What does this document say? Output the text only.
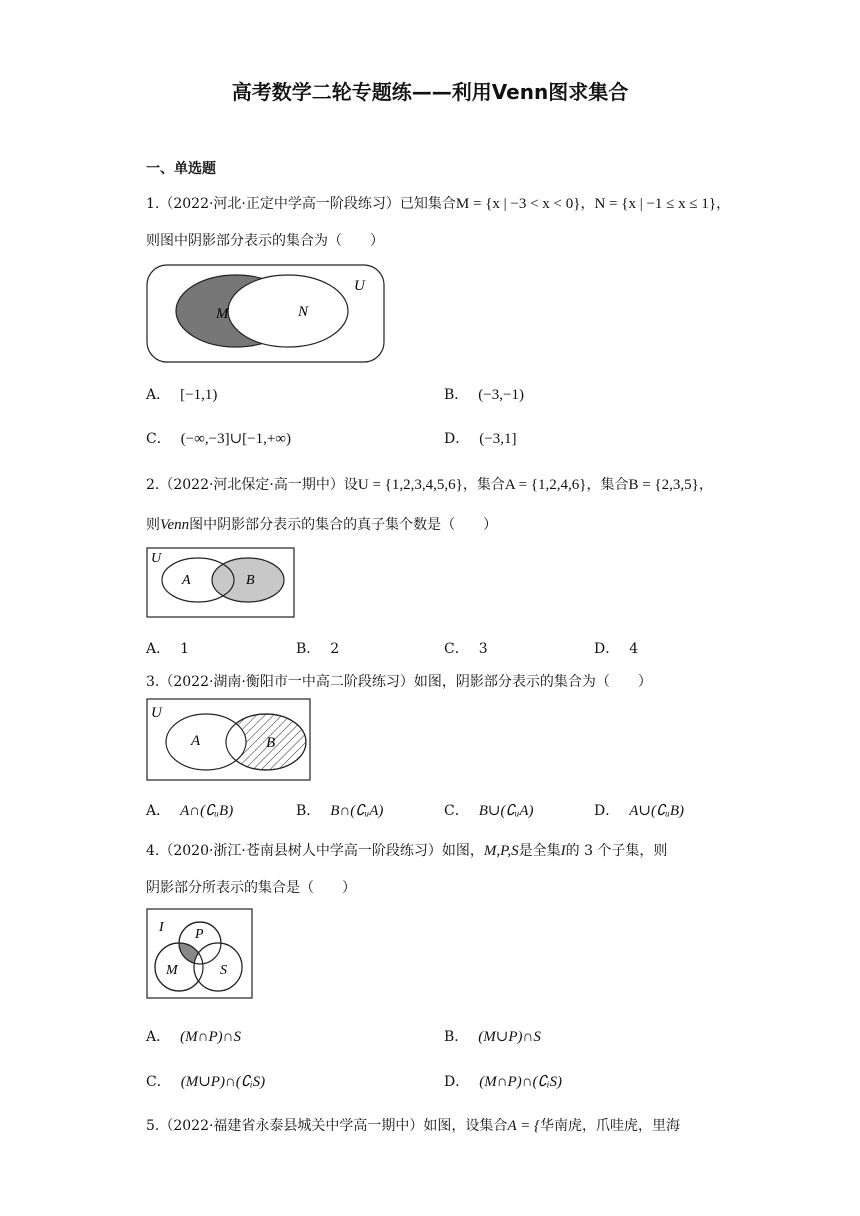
高考数学二轮专题练——利用Venn图求集合
一、单选题
1.（2022·河北·正定中学高一阶段练习）已知集合M = {x | −3 < x < 0}，N = {x | −1 ≤ x ≤ 1}，
则图中阴影部分表示的集合为（　　）
M	N
U
A． [−1,1)	B． (−3,−1)
C． (−∞,−3]∪[−1,+∞)	D． (−3,1]
2.（2022·河北保定·高一期中）设U = {1,2,3,4,5,6}，集合A = {1,2,4,6}，集合B = {2,3,5}，
则Venn图中阴影部分表示的集合的真子集个数是（　　）
U
A	B
A． 1	B． 2	C． 3	D． 4
3.（2022·湖南·衡阳市一中高二阶段练习）如图，阴影部分表示的集合为（　　）
U
A	B
A． A∩(∁ᵤB)	B． B∩(∁ᵤA)	C． B∪(∁ᵤA)	D． A∪(∁ᵤB)
4.（2020·浙江·苍南县树人中学高一阶段练习）如图，M,P,S是全集I的 3 个子集，则
阴影部分所表示的集合是（　　）
I P
M	S
A． (M∩P)∩S	B． (M∪P)∩S
C． (M∪P)∩(∁ᵢS)	D． (M∩P)∩(∁ᵢS)
5.（2022·福建省永泰县城关中学高一期中）如图，设集合A = {华南虎，爪哇虎，里海
